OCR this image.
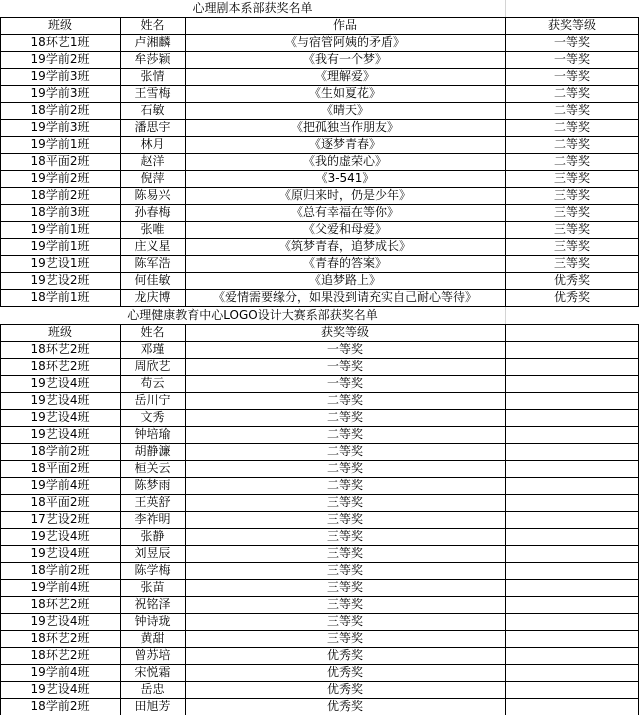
心理剧本系部获奖名单
班级	姓名	作品	获奖等级
18环艺1班	卢湘麟	《与宿管阿姨的矛盾》	一等奖
19学前2班	牟莎颖	《我有一个梦》	一等奖
19学前3班	张情	《理解爱》	一等奖
19学前3班	王雪梅	《生如夏花》	二等奖
18学前2班	石敏	《晴天》	二等奖
19学前3班	潘思宇	《把孤独当作朋友》	二等奖
19学前1班	林月	《逐梦青春》	二等奖
18平面2班	赵洋	《我的虚荣心》	二等奖
19学前2班	倪萍	《3-541》	三等奖
18学前2班	陈易兴	《原归来时，仍是少年》	三等奖
18学前3班	孙春梅	《总有幸福在等你》	三等奖
19学前1班	张唯	《父爱和母爱》	三等奖
19学前1班	庄义星	《筑梦青春，追梦成长》	三等奖
19艺设1班	陈军浩	《青春的答案》	三等奖
19艺设2班	何佳敏	《追梦路上》	优秀奖
18学前1班	龙庆博	《爱情需要缘分，如果没到请充实自己耐心等待》	优秀奖
心理健康教育中心LOGO设计大赛系部获奖名单
班级	姓名	获奖等级
18环艺2班	邓瑾	一等奖
18环艺2班	周欣艺	一等奖
19艺设4班	苟云	一等奖
19艺设4班	岳川宁	二等奖
19艺设4班	文秀	二等奖
19艺设4班	钟培瑜	二等奖
18学前2班	胡静濂	二等奖
18平面2班	桓关云	二等奖
19学前4班	陈梦雨	二等奖
18平面2班	王英舒	三等奖
17艺设2班	李祚明	三等奖
19艺设4班	张静	三等奖
19艺设4班	刘昱辰	三等奖
18学前2班	陈学梅	三等奖
19学前4班	张苗	三等奖
18环艺2班	祝铭泽	三等奖
19艺设4班	钟诗珑	三等奖
18环艺2班	黄甜	三等奖
18环艺2班	曾苏培	优秀奖
19学前4班	宋悦霜	优秀奖
19艺设4班	岳忠	优秀奖
18学前2班	田旭芳	优秀奖
